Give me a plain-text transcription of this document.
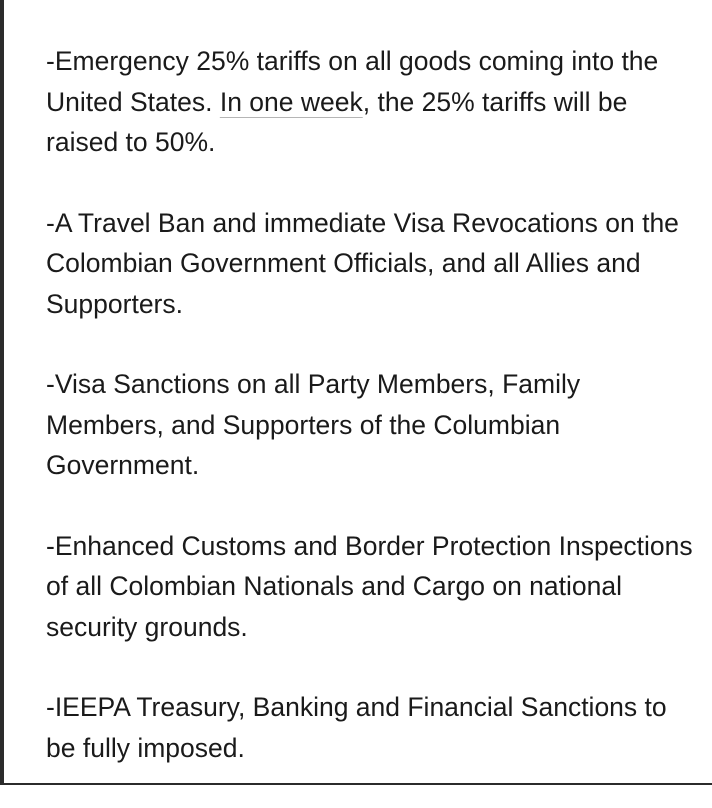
-Emergency 25% tariffs on all goods coming into the United States. In one week, the 25% tariffs will be raised to 50%.

-A Travel Ban and immediate Visa Revocations on the Colombian Government Officials, and all Allies and Supporters.

-Visa Sanctions on all Party Members, Family Members, and Supporters of the Columbian Government.

-Enhanced Customs and Border Protection Inspections of all Colombian Nationals and Cargo on national security grounds.

-IEEPA Treasury, Banking and Financial Sanctions to be fully imposed.
